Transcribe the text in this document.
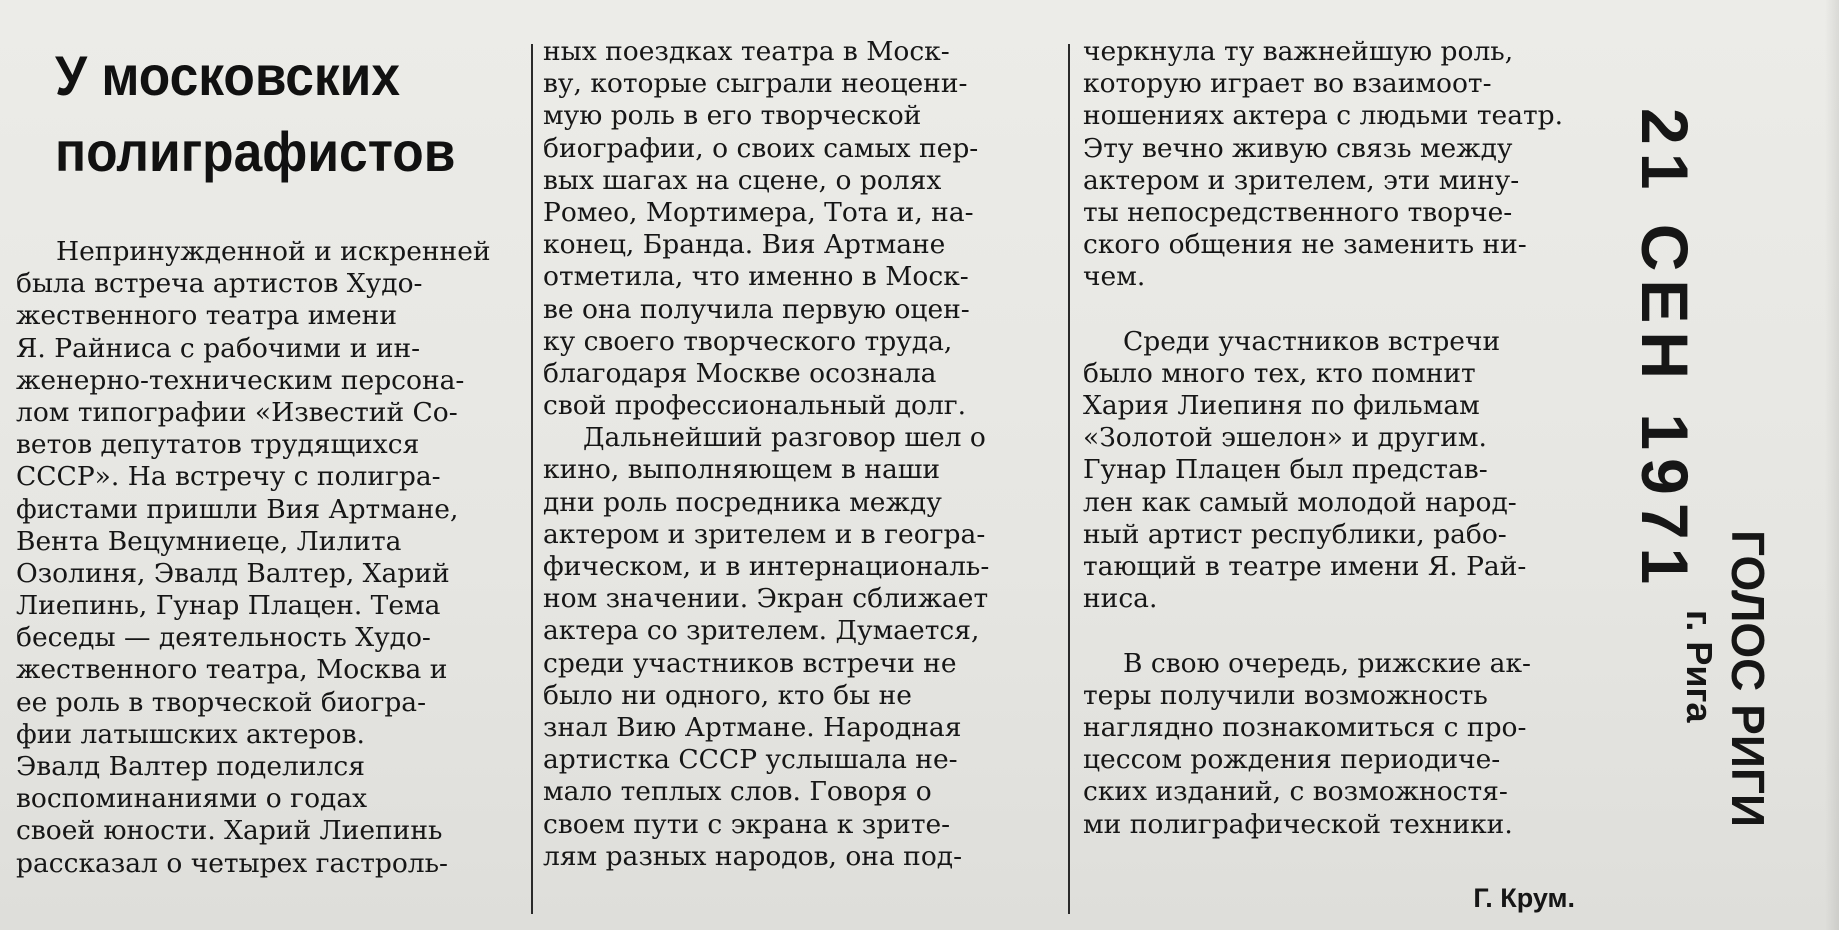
У московских
полиграфистов
Непринужденной и искренней
была встреча артистов Худо-
жественного театра имени
Я. Райниса с рабочими и ин-
женерно-техническим персона-
лом типографии «Известий Со-
ветов депутатов трудящихся
СССР». На встречу с полигра-
фистами пришли Вия Артмане,
Вента Вецумниеце, Лилита
Озолиня, Эвалд Валтер, Харий
Лиепинь, Гунар Плацен. Тема
беседы — деятельность Худо-
жественного театра, Москва и
ее роль в творческой биогра-
фии латышских актеров.
Эвалд Валтер поделился
воспоминаниями о годах
своей юности. Харий Лиепинь
рассказал о четырех гастроль-
ных поездках театра в Моск-
ву, которые сыграли неоцени-
мую роль в его творческой
биографии, о своих самых пер-
вых шагах на сцене, о ролях
Ромео, Мортимера, Тота и, на-
конец, Бранда. Вия Артмане
отметила, что именно в Моск-
ве она получила первую оцен-
ку своего творческого труда,
благодаря Москве осознала
свой профессиональный долг.
Дальнейший разговор шел о
кино, выполняющем в наши
дни роль посредника между
актером и зрителем и в геогра-
фическом, и в интернациональ-
ном значении. Экран сближает
актера со зрителем. Думается,
среди участников встречи не
было ни одного, кто бы не
знал Вию Артмане. Народная
артистка СССР услышала не-
мало теплых слов. Говоря о
своем пути с экрана к зрите-
лям разных народов, она под-
черкнула ту важнейшую роль,
которую играет во взаимоот-
ношениях актера с людьми театр.
Эту вечно живую связь между
актером и зрителем, эти мину-
ты непосредственного творче-
ского общения не заменить ни-
чем.
Среди участников встречи
было много тех, кто помнит
Хария Лиепиня по фильмам
«Золотой эшелон» и другим.
Гунар Плацен был представ-
лен как самый молодой народ-
ный артист республики, рабо-
тающий в театре имени Я. Рай-
ниса.
В свою очередь, рижские ак-
теры получили возможность
наглядно познакомиться с про-
цессом рождения периодиче-
ских изданий, с возможностя-
ми полиграфической техники.
Г. Крум.
21 СЕН 1971
ГОЛОС РИГИ
г. Рига
